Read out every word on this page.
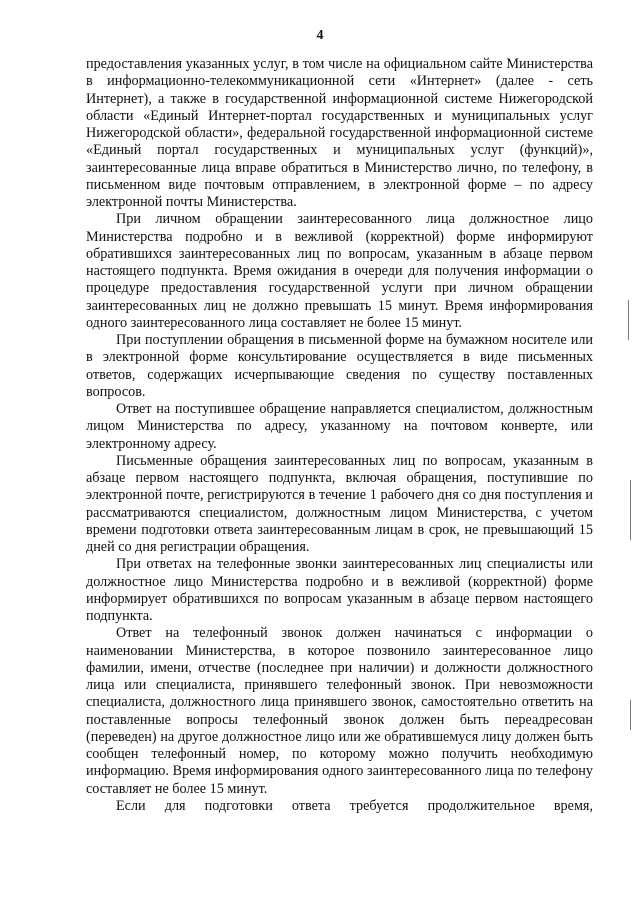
4

предоставления указанных услуг, в том числе на официальном сайте Министерства в информационно-телекоммуникационной сети «Интернет» (далее - сеть Интернет), а также в государственной информационной системе Нижегородской области «Единый Интернет-портал государственных и муниципальных услуг Нижегородской области», федеральной государственной информационной системе «Единый портал государственных и муниципальных услуг (функций)», заинтересованные лица вправе обратиться в Министерство лично, по телефону, в письменном виде почтовым отправлением, в электронной форме – по адресу электронной почты Министерства.

При личном обращении заинтересованного лица должностное лицо Министерства подробно и в вежливой (корректной) форме информируют обратившихся заинтересованных лиц по вопросам, указанным в абзаце первом настоящего подпункта. Время ожидания в очереди для получения информации о процедуре предоставления государственной услуги при личном обращении заинтересованных лиц не должно превышать 15 минут. Время информирования одного заинтересованного лица составляет не более 15 минут.

При поступлении обращения в письменной форме на бумажном носителе или в электронной форме консультирование осуществляется в виде письменных ответов, содержащих исчерпывающие сведения по существу поставленных вопросов.

Ответ на поступившее обращение направляется специалистом, должностным лицом Министерства по адресу, указанному на почтовом конверте, или электронному адресу.

Письменные обращения заинтересованных лиц по вопросам, указанным в абзаце первом настоящего подпункта, включая обращения, поступившие по электронной почте, регистрируются в течение 1 рабочего дня со дня поступления и рассматриваются специалистом, должностным лицом Министерства, с учетом времени подготовки ответа заинтересованным лицам в срок, не превышающий 15 дней со дня регистрации обращения.

При ответах на телефонные звонки заинтересованных лиц специалисты или должностное лицо Министерства подробно и в вежливой (корректной) форме информирует обратившихся по вопросам указанным в абзаце первом настоящего подпункта.

Ответ на телефонный звонок должен начинаться с информации о наименовании Министерства, в которое позвонило заинтересованное лицо фамилии, имени, отчестве (последнее при наличии) и должности должностного лица или специалиста, принявшего телефонный звонок. При невозможности специалиста, должностного лица принявшего звонок, самостоятельно ответить на поставленные вопросы телефонный звонок должен быть переадресован (переведен) на другое должностное лицо или же обратившемуся лицу должен быть сообщен телефонный номер, по которому можно получить необходимую информацию. Время информирования одного заинтересованного лица по телефону составляет не более 15 минут.

Если для подготовки ответа требуется продолжительное время,
